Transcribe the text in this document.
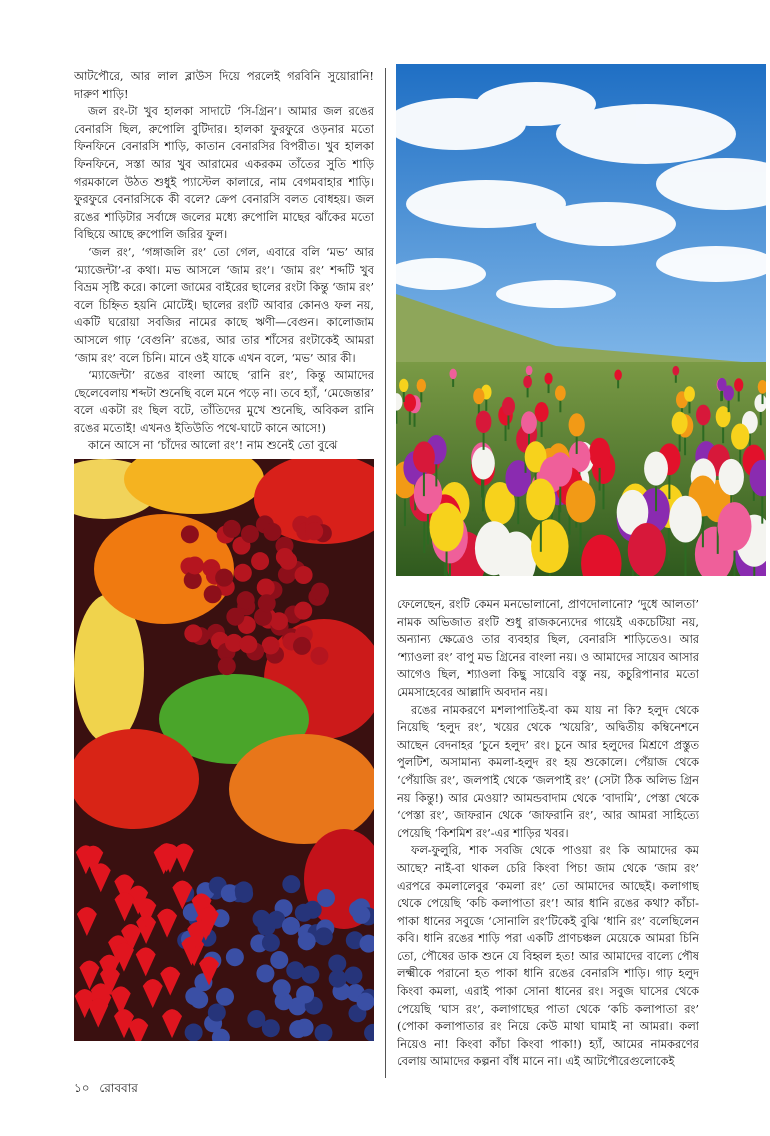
আটপৌরে, আর লাল ব্লাউস দিয়ে পরলেই গরবিনি সুয়োরানি! দারুণ শাড়ি!

জল রং-টা খুব হালকা সাদাটে ‘সি-গ্রিন’। আমার জল রঙের বেনারসি ছিল, রুপোলি বুটিদার। হালকা ফুরফুরে ওড়নার মতো ফিনফিনে বেনারসি শাড়ি, কাতান বেনারসির বিপরীত। খুব হালকা ফিনফিনে, সস্তা আর খুব আরামের একরকম তাঁতের সুতি শাড়ি গরমকালে উঠত শুধুই প্যাস্টেল কালারে, নাম বেগমবাহার শাড়ি। ফুরফুরে বেনারসিকে কী বলে? ক্রেপ বেনারসি বলত বোধহয়। জল রঙের শাড়িটার সর্বাঙ্গে জলের মধ্যে রুপোলি মাছের ঝাঁকের মতো বিছিয়ে আছে রুপোলি জরির ফুল।

‘জল রং’, ‘গঙ্গাজলি রং’ তো গেল, এবারে বলি ‘মভ’ আর ‘ম্যাজেন্টা’-র কথা। মভ আসলে ‘জাম রং’। ‘জাম রং’ শব্দটি খুব বিভ্রম সৃষ্টি করে। কালো জামের বাইরের ছালের রংটা কিন্তু ‘জাম রং’ বলে চিহ্নিত হয়নি মোটেই। ছালের রংটি আবার কোনও ফল নয়, একটি ঘরোয়া সবজির নামের কাছে ঋণী—বেগুন। কালোজাম আসলে গাঢ় ‘বেগুনি’ রঙের, আর তার শাঁসের রংটাকেই আমরা ‘জাম রং’ বলে চিনি। মানে ওই যাকে এখন বলে, ‘মভ’ আর কী।

‘ম্যাজেন্টা’ রঙের বাংলা আছে ‘রানি রং’, কিন্তু আমাদের ছেলেবেলায় শব্দটা শুনেছি বলে মনে পড়ে না। তবে হ্যাঁ, ‘মেজেন্তার’ বলে একটা রং ছিল বটে, তাঁতিদের মুখে শুনেছি, অবিকল রানি রঙের মতোই! এখনও ইতিউতি পথে-ঘাটে কানে আসে!)

কানে আসে না ‘চাঁদের আলো রং’! নাম শুনেই তো বুঝে

ফেলেছেন, রংটি কেমন মনভোলানো, প্রাণদোলানো? ‘দুধে আলতা’ নামক অভিজাত রংটি শুধু রাজকন্যেদের গায়েই একচেটিয়া নয়, অন্যান্য ক্ষেত্রেও তার ব্যবহার ছিল, বেনারসি শাড়িতেও। আর ‘শ্যাওলা রং’ বাপু মভ গ্রিনের বাংলা নয়। ও আমাদের সায়েব আসার আগেও ছিল, শ্যাওলা কিছু সায়েবি বস্তু নয়, কচুরিপানার মতো মেমসাহেবের আল্লাদি অবদান নয়।

রঙের নামকরণে মশলাপাতিই-বা কম যায় না কি? হলুদ থেকে নিয়েছি ‘হলুদ রং’, খয়ের থেকে ‘খয়েরি’, অদ্বিতীয় কম্বিনেশনে আছেন বেদনাহর ‘চুনে হলুদ’ রং। চুনে আর হলুদের মিশ্রণে প্রস্তুত পুলটিশ, অসামান্য কমলা-হলুদ রং হয় শুকোলে। পেঁয়াজ থেকে ‘পেঁয়াজি রং’, জলপাই থেকে ‘জলপাই রং’ (সেটা ঠিক অলিভ গ্রিন নয় কিন্তু!) আর মেওয়া? আমন্ডবাদাম থেকে ‘বাদামি’, পেস্তা থেকে ‘পেস্তা রং’, জাফরান থেকে ‘জাফরানি রং’, আর আমরা সাহিত্যে পেয়েছি ‘কিশমিশ রং’-এর শাড়ির খবর।

ফল-ফুলুরি, শাক সবজি থেকে পাওয়া রং কি আমাদের কম আছে? নাই-বা থাকল চেরি কিংবা পিচ! জাম থেকে ‘জাম রং’ এরপরে কমলালেবুর ‘কমলা রং’ তো আমাদের আছেই। কলাগাছ থেকে পেয়েছি ‘কচি কলাপাতা রং’! আর ধানি রঙের কথা? কাঁচা-পাকা ধানের সবুজে ‘সোনালি রং’টিকেই বুঝি ‘ধানি রং’ বলেছিলেন কবি। ধানি রঙের শাড়ি পরা একটি প্রাণচঞ্চল মেয়েকে আমরা চিনি তো, পৌষের ডাক শুনে যে বিহ্বল হত! আর আমাদের বাল্যে পৌষ লক্ষ্মীকে পরানো হত পাকা ধানি রঙের বেনারসি শাড়ি। গাঢ় হলুদ কিংবা কমলা, এরাই পাকা সোনা ধানের রং। সবুজ ঘাসের থেকে পেয়েছি ‘ঘাস রং’, কলাগাছের পাতা থেকে ‘কচি কলাপাতা রং’ (পোকা কলাপাতার রং নিয়ে কেউ মাথা ঘামাই না আমরা। কলা নিয়েও না! কিংবা কাঁচা কিংবা পাকা!) হ্যাঁ, আমের নামকরণের বেলায় আমাদের কল্পনা বাঁধ মানে না। এই আটপৌরেগুলোকেই

১০ রোববার
